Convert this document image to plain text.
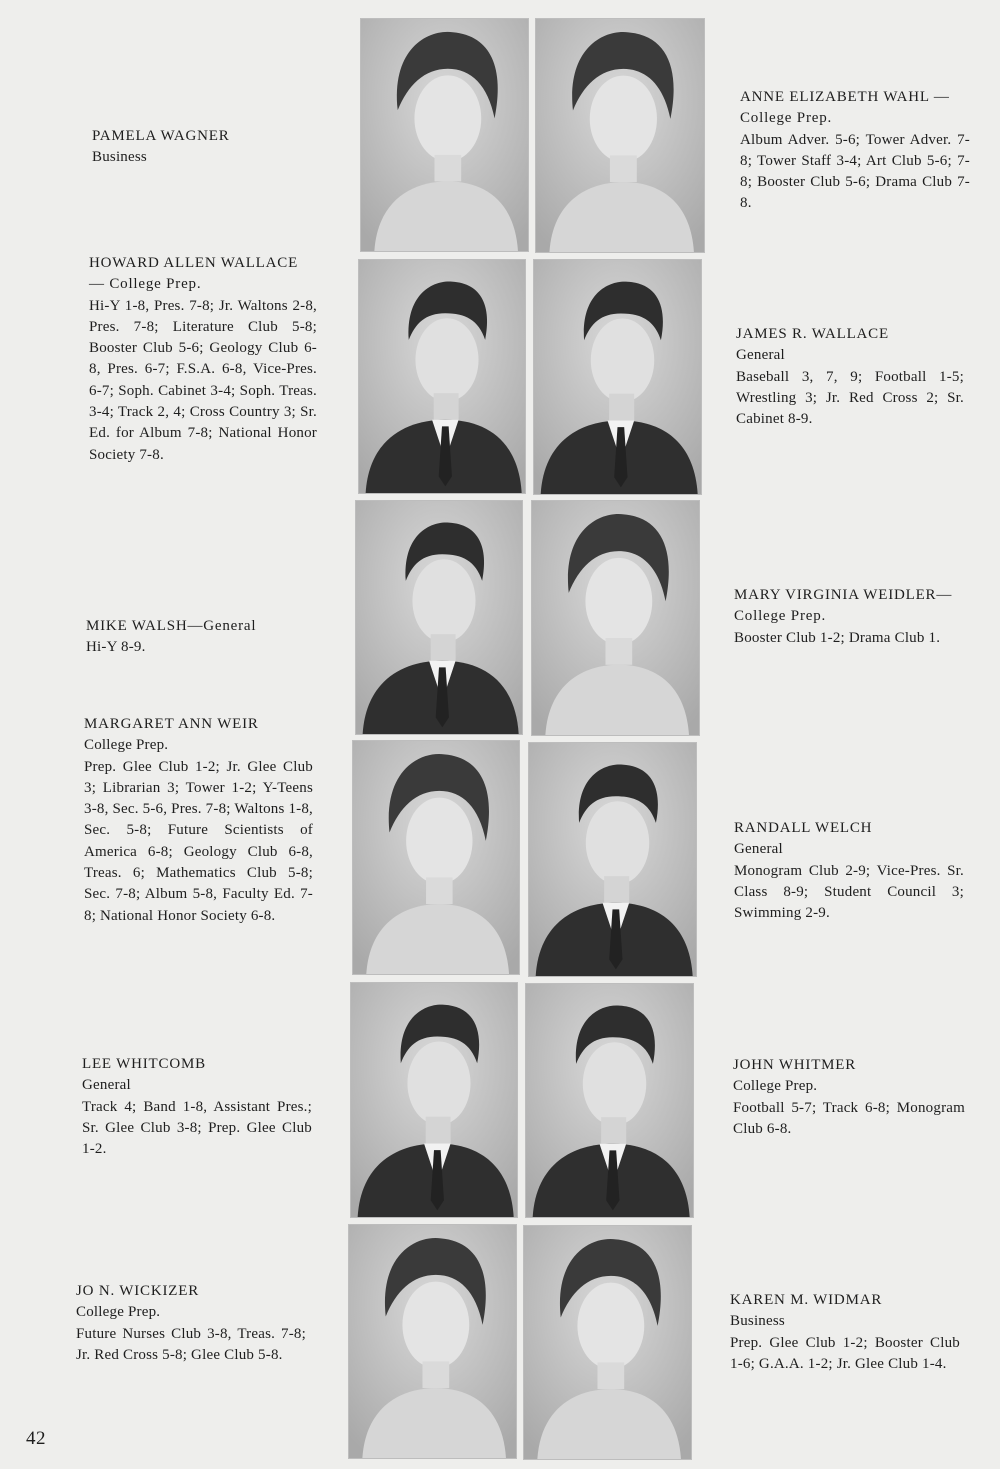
PAMELA WAGNER
Business
HOWARD ALLEN WALLACE — College Prep.
Hi-Y 1-8, Pres. 7-8; Jr. Waltons 2-8, Pres. 7-8; Literature Club 5-8; Booster Club 5-6; Geology Club 6-8, Pres. 6-7; F.S.A. 6-8, Vice-Pres. 6-7; Soph. Cabinet 3-4; Soph. Treas. 3-4; Track 2, 4; Cross Country 3; Sr. Ed. for Album 7-8; National Honor Society 7-8.
MIKE WALSH—General
Hi-Y 8-9.
MARGARET ANN WEIR
College Prep.
Prep. Glee Club 1-2; Jr. Glee Club 3; Librarian 3; Tower 1-2; Y-Teens 3-8, Sec. 5-6, Pres. 7-8; Waltons 1-8, Sec. 5-8; Future Scientists of America 6-8; Geology Club 6-8, Treas. 6; Mathematics Club 5-8; Sec. 7-8; Album 5-8, Faculty Ed. 7-8; National Honor Society 6-8.
LEE WHITCOMB
General
Track 4; Band 1-8, Assistant Pres.; Sr. Glee Club 3-8; Prep. Glee Club 1-2.
JO N. WICKIZER
College Prep.
Future Nurses Club 3-8, Treas. 7-8; Jr. Red Cross 5-8; Glee Club 5-8.
ANNE ELIZABETH WAHL — College Prep.
Album Adver. 5-6; Tower Adver. 7-8; Tower Staff 3-4; Art Club 5-6; 7-8; Booster Club 5-6; Drama Club 7-8.
JAMES R. WALLACE
General
Baseball 3, 7, 9; Football 1-5; Wrestling 3; Jr. Red Cross 2; Sr. Cabinet 8-9.
MARY VIRGINIA WEIDLER—College Prep.
Booster Club 1-2; Drama Club 1.
RANDALL WELCH
General
Monogram Club 2-9; Vice-Pres. Sr. Class 8-9; Student Council 3; Swimming 2-9.
JOHN WHITMER
College Prep.
Football 5-7; Track 6-8; Monogram Club 6-8.
KAREN M. WIDMAR
Business
Prep. Glee Club 1-2; Booster Club 1-6; G.A.A. 1-2; Jr. Glee Club 1-4.
42
